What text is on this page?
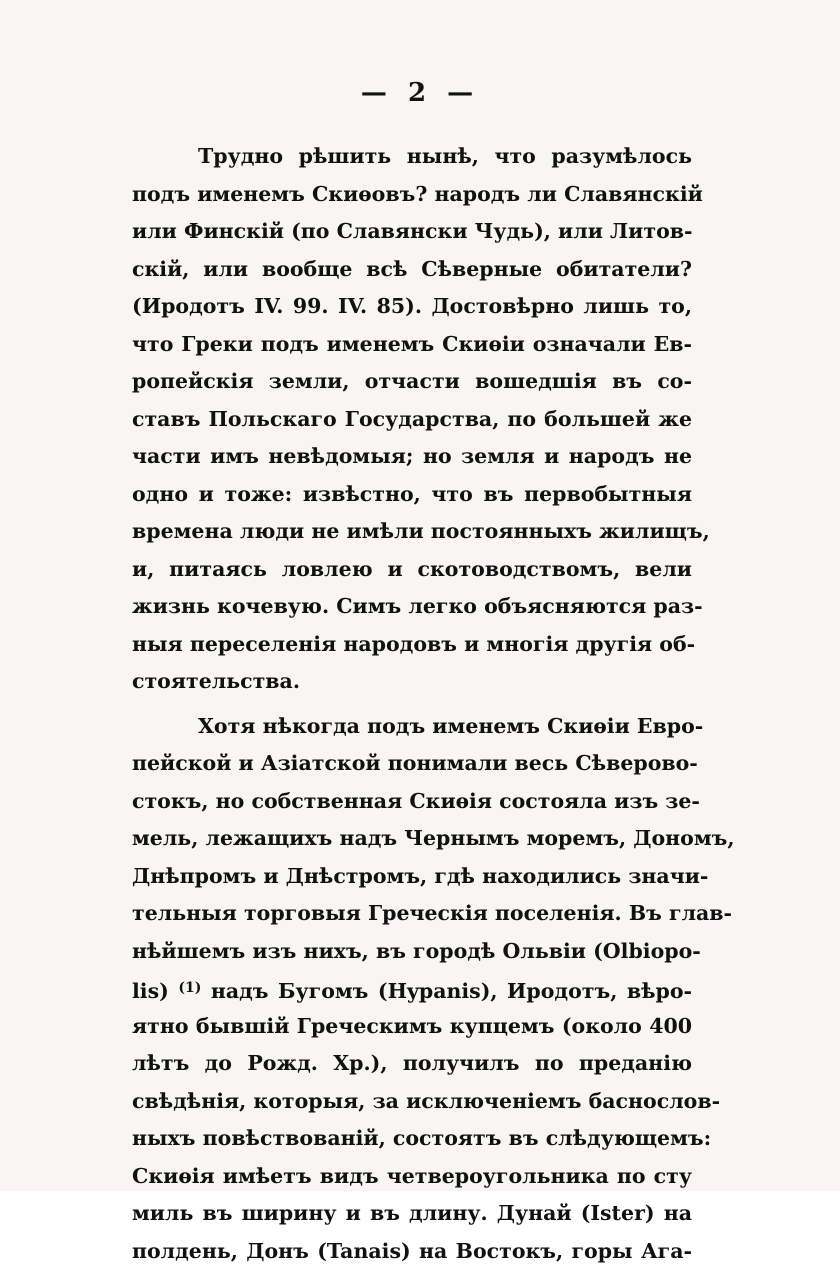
— 2 —
Трудно рѣшить нынѣ, что разумѣлось
подъ именемъ Скиѳовъ? народъ ли Славянскій
или Финскій (по Славянски Чудь), или Литов-
скій, или вообще всѣ Сѣверные обитатели?
(Иродотъ IV. 99. IV. 85). Достовѣрно лишь то,
что Греки подъ именемъ Скиѳіи означали Ев-
ропейскія земли, отчасти вошедшія въ со-
ставъ Польскаго Государства, по большей же
части имъ невѣдомыя; но земля и народъ не
одно и тоже: извѣстно, что въ первобытныя
времена люди не имѣли постоянныхъ жилищъ,
и, питаясь ловлею и скотоводствомъ, вели
жизнь кочевую. Симъ легко объясняются раз-
ныя переселенія народовъ и многія другія об-
стоятельства.
Хотя нѣкогда подъ именемъ Скиѳіи Евро-
пейской и Азіатской понимали весь Сѣверово-
стокъ, но собственная Скиѳія состояла изъ зе-
мель, лежащихъ надъ Чернымъ моремъ, Дономъ,
Днѣпромъ и Днѣстромъ, гдѣ находились значи-
тельныя торговыя Греческія поселенія. Въ глав-
нѣйшемъ изъ нихъ, въ городѣ Ольвіи (Olbiopo-
lis) $^{(1)}$ надъ Бугомъ (Hypanis), Иродотъ, вѣро-
ятно бывшій Греческимъ купцемъ (около 400
лѣтъ до Рожд. Хр.), получилъ по преданію
свѣдѣнія, которыя, за исключеніемъ баснослов-
ныхъ повѣствованій, состоятъ въ слѣдующемъ:
Скиѳія имѣетъ видъ четвероугольника по сту
миль въ ширину и въ длину. Дунай (Ister) на
полдень, Донъ (Tanais) на Востокъ, горы Ага-
